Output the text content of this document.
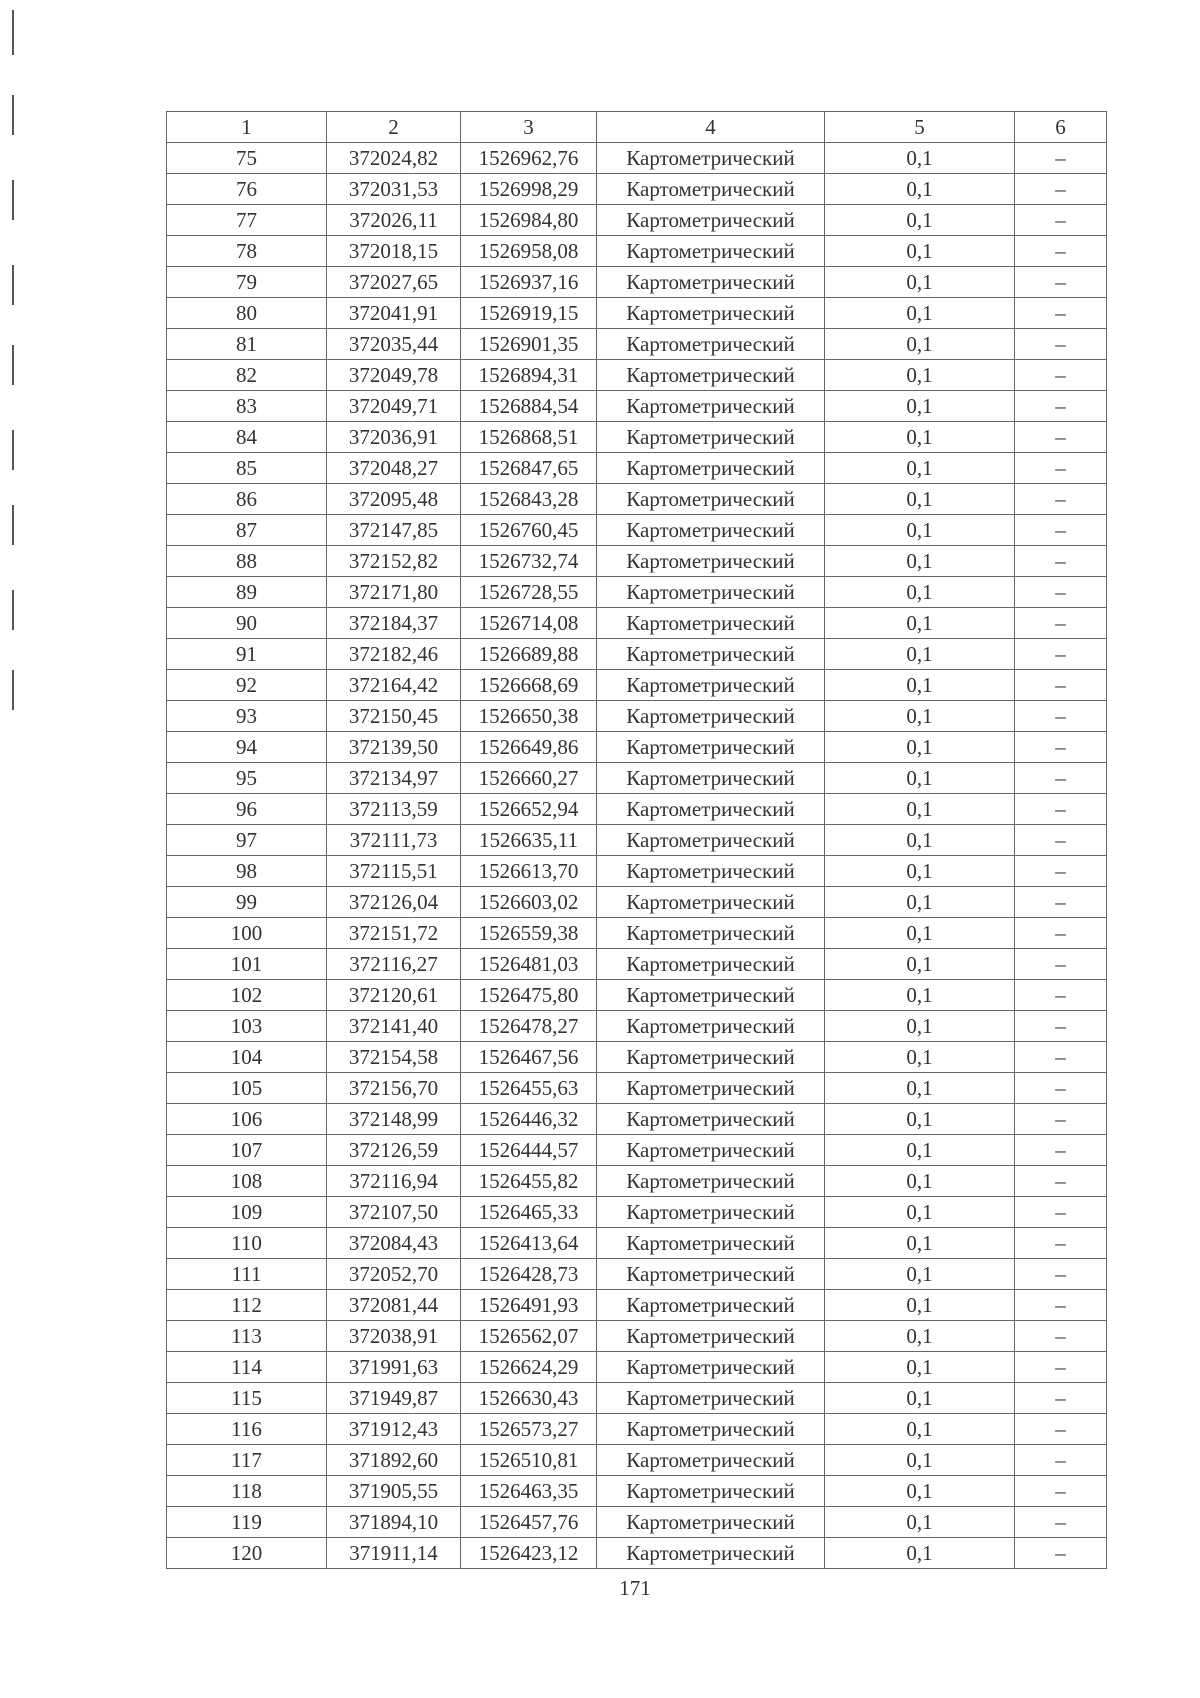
1	2	3	4	5	6
75	372024,82	1526962,76	Картометрический	0,1	–
76	372031,53	1526998,29	Картометрический	0,1	–
77	372026,11	1526984,80	Картометрический	0,1	–
78	372018,15	1526958,08	Картометрический	0,1	–
79	372027,65	1526937,16	Картометрический	0,1	–
80	372041,91	1526919,15	Картометрический	0,1	–
81	372035,44	1526901,35	Картометрический	0,1	–
82	372049,78	1526894,31	Картометрический	0,1	–
83	372049,71	1526884,54	Картометрический	0,1	–
84	372036,91	1526868,51	Картометрический	0,1	–
85	372048,27	1526847,65	Картометрический	0,1	–
86	372095,48	1526843,28	Картометрический	0,1	–
87	372147,85	1526760,45	Картометрический	0,1	–
88	372152,82	1526732,74	Картометрический	0,1	–
89	372171,80	1526728,55	Картометрический	0,1	–
90	372184,37	1526714,08	Картометрический	0,1	–
91	372182,46	1526689,88	Картометрический	0,1	–
92	372164,42	1526668,69	Картометрический	0,1	–
93	372150,45	1526650,38	Картометрический	0,1	–
94	372139,50	1526649,86	Картометрический	0,1	–
95	372134,97	1526660,27	Картометрический	0,1	–
96	372113,59	1526652,94	Картометрический	0,1	–
97	372111,73	1526635,11	Картометрический	0,1	–
98	372115,51	1526613,70	Картометрический	0,1	–
99	372126,04	1526603,02	Картометрический	0,1	–
100	372151,72	1526559,38	Картометрический	0,1	–
101	372116,27	1526481,03	Картометрический	0,1	–
102	372120,61	1526475,80	Картометрический	0,1	–
103	372141,40	1526478,27	Картометрический	0,1	–
104	372154,58	1526467,56	Картометрический	0,1	–
105	372156,70	1526455,63	Картометрический	0,1	–
106	372148,99	1526446,32	Картометрический	0,1	–
107	372126,59	1526444,57	Картометрический	0,1	–
108	372116,94	1526455,82	Картометрический	0,1	–
109	372107,50	1526465,33	Картометрический	0,1	–
110	372084,43	1526413,64	Картометрический	0,1	–
111	372052,70	1526428,73	Картометрический	0,1	–
112	372081,44	1526491,93	Картометрический	0,1	–
113	372038,91	1526562,07	Картометрический	0,1	–
114	371991,63	1526624,29	Картометрический	0,1	–
115	371949,87	1526630,43	Картометрический	0,1	–
116	371912,43	1526573,27	Картометрический	0,1	–
117	371892,60	1526510,81	Картометрический	0,1	–
118	371905,55	1526463,35	Картометрический	0,1	–
119	371894,10	1526457,76	Картометрический	0,1	–
120	371911,14	1526423,12	Картометрический	0,1	–
171
